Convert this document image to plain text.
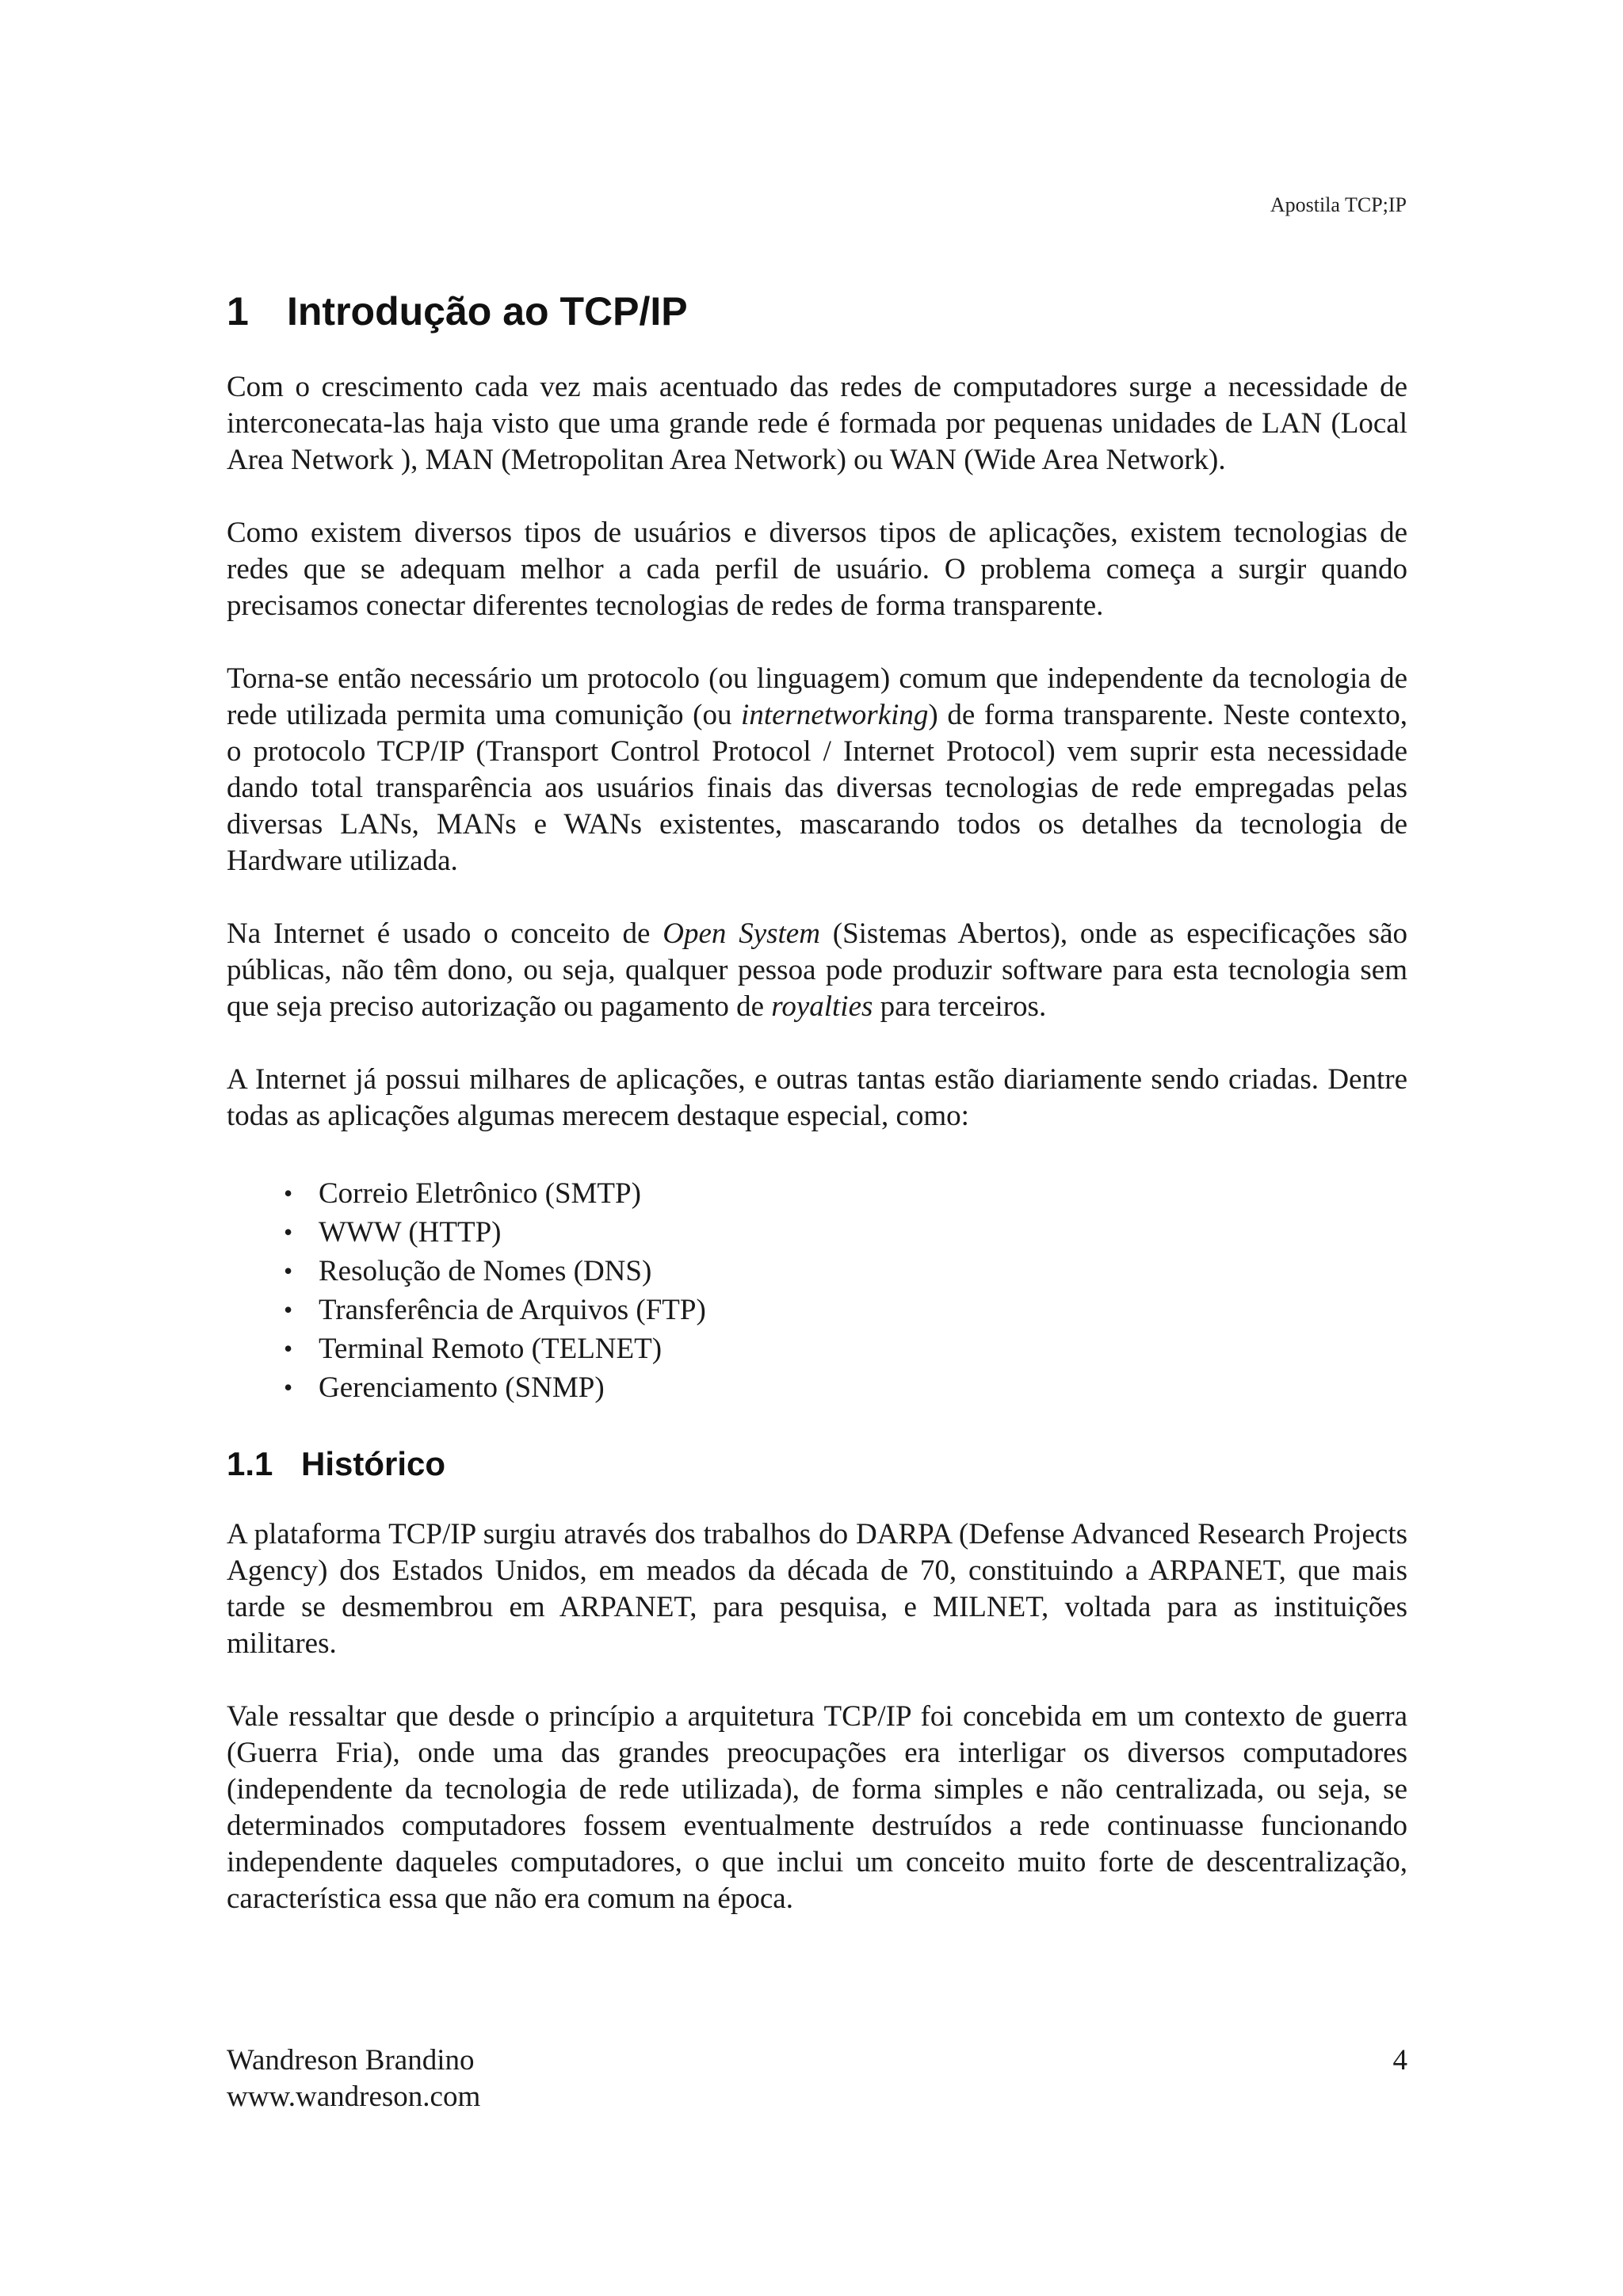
Apostila TCP;IP
1 Introdução ao TCP/IP

Com o crescimento cada vez mais acentuado das redes de computadores surge a necessidade de interconecata-las haja visto que uma grande rede é formada por pequenas unidades de LAN (Local Area Network ), MAN (Metropolitan Area Network) ou WAN (Wide Area Network).

Como existem diversos tipos de usuários e diversos tipos de aplicações, existem tecnologias de redes que se adequam melhor a cada perfil de usuário. O problema começa a surgir quando precisamos conectar diferentes tecnologias de redes de forma transparente.

Torna-se então necessário um protocolo (ou linguagem) comum que independente da tecnologia de rede utilizada permita uma comunição (ou internetworking) de forma transparente. Neste contexto, o protocolo TCP/IP (Transport Control Protocol / Internet Protocol) vem suprir esta necessidade dando total transparência aos usuários finais das diversas tecnologias de rede empregadas pelas diversas LANs, MANs e WANs existentes, mascarando todos os detalhes da tecnologia de Hardware utilizada.

Na Internet é usado o conceito de Open System (Sistemas Abertos), onde as especificações são públicas, não têm dono, ou seja, qualquer pessoa pode produzir software para esta tecnologia sem que seja preciso autorização ou pagamento de royalties para terceiros.

A Internet já possui milhares de aplicações, e outras tantas estão diariamente sendo criadas. Dentre todas as aplicações algumas merecem destaque especial, como:

• Correio Eletrônico (SMTP)
• WWW (HTTP)
• Resolução de Nomes (DNS)
• Transferência de Arquivos (FTP)
• Terminal Remoto (TELNET)
• Gerenciamento (SNMP)
1.1 Histórico

A plataforma TCP/IP surgiu através dos trabalhos do DARPA (Defense Advanced Research Projects Agency) dos Estados Unidos, em meados da década de 70, constituindo a ARPANET, que mais tarde se desmembrou em ARPANET, para pesquisa, e MILNET, voltada para as instituições militares.

Vale ressaltar que desde o princípio a arquitetura TCP/IP foi concebida em um contexto de guerra (Guerra Fria), onde uma das grandes preocupações era interligar os diversos computadores (independente da tecnologia de rede utilizada), de forma simples e não centralizada, ou seja, se determinados computadores fossem eventualmente destruídos a rede continuasse funcionando independente daqueles computadores, o que inclui um conceito muito forte de descentralização, característica essa que não era comum na época.

Wandreson Brandino
www.wandreson.com
4
